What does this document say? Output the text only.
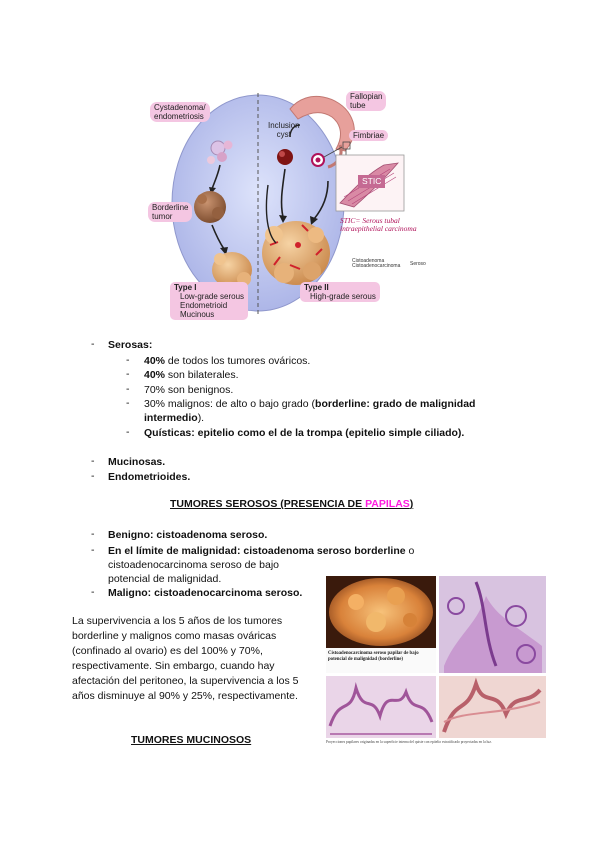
Cystadenoma/
endometriosis
Borderline
tumor
Type I
Low-grade serous
Endometrioid
Mucinous
Inclusion
cyst
Fallopian
tube
Fimbriae
STIC
STIC= Serous tubal
intraepithelial carcinoma
Cistoadenoma
Cistoadenocarcinoma Seroso
Type II
High-grade serous
- Serosas:
- 40% de todos los tumores ováricos.
- 40% son bilaterales.
- 70% son benignos.
- 30% malignos: de alto o bajo grado (borderline: grado de malignidad
intermedio).
- Quísticas: epitelio como el de la trompa (epitelio simple ciliado).
- Mucinosas.
- Endometrioides.
TUMORES SEROSOS (PRESENCIA DE PAPILAS)
- Benigno: cistoadenoma seroso.
- En el límite de malignidad: cistoadenoma seroso borderline o
cistoadenocarcinoma seroso de bajo
potencial de malignidad.
- Maligno: cistoadenocarcinoma seroso.
La supervivencia a los 5 años de los tumores
borderline y malignos como masas ováricas
(confinado al ovario) es del 100% y 70%,
respectivamente. Sin embargo, cuando hay
afectación del peritoneo, la supervivencia a los 5
años disminuye al 90% y 25%, respectivamente.
Cistoadenocarcinoma seroso papilar de bajo
potencial de malignidad (borderline)
Proyecciones papilares originadas en la superficie interna del quiste con epitelio estratificado proyectadas en la luz.
TUMORES MUCINOSOS
